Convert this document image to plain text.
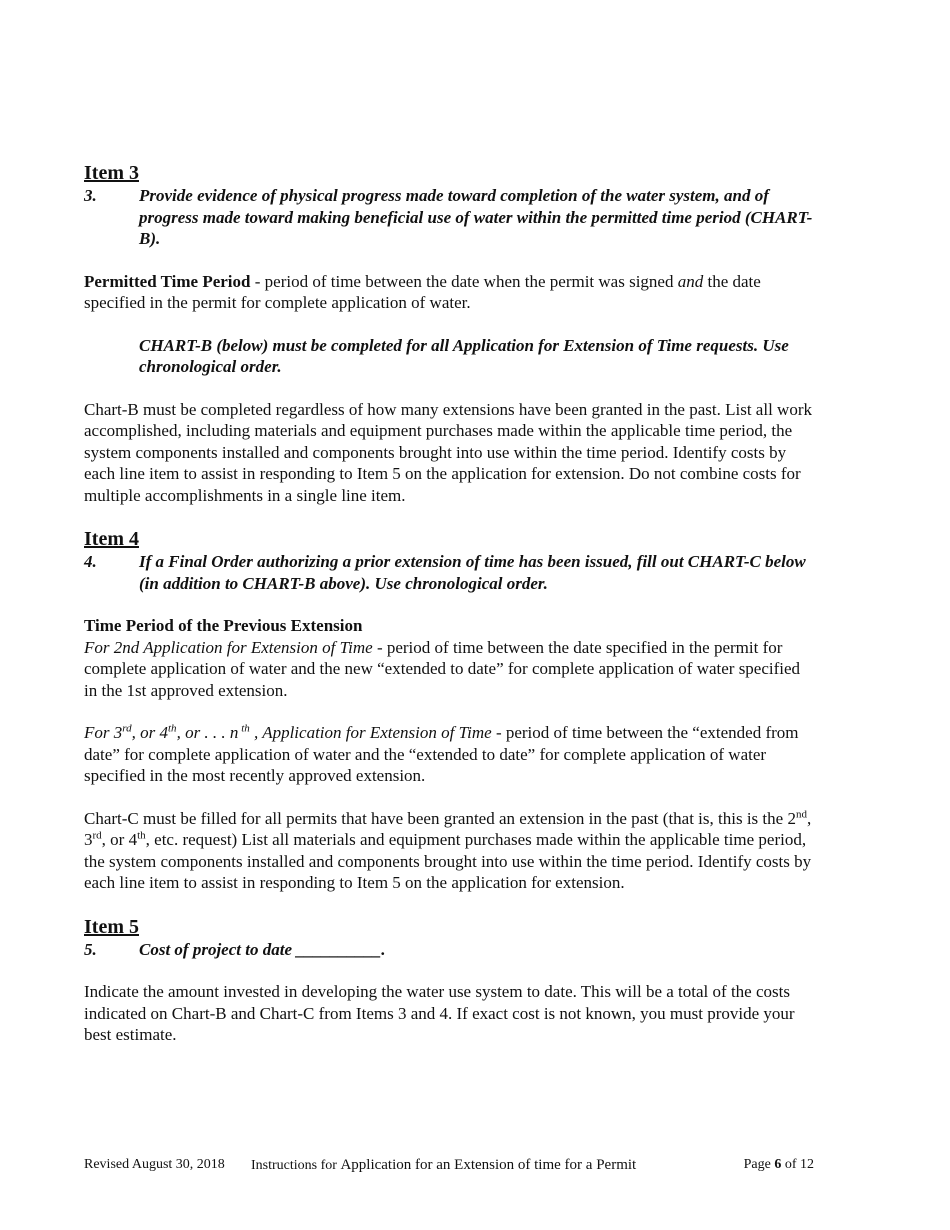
Item 3
3.	Provide evidence of physical progress made toward completion of the water system, and of progress made toward making beneficial use of water within the permitted time period (CHART-B).

Permitted Time Period - period of time between the date when the permit was signed and the date specified in the permit for complete application of water.

CHART-B (below) must be completed for all Application for Extension of Time requests. Use chronological order.

Chart-B must be completed regardless of how many extensions have been granted in the past. List all work accomplished, including materials and equipment purchases made within the applicable time period, the system components installed and components brought into use within the time period. Identify costs by each line item to assist in responding to Item 5 on the application for extension. Do not combine costs for multiple accomplishments in a single line item.

Item 4
4.	If a Final Order authorizing a prior extension of time has been issued, fill out CHART-C below (in addition to CHART-B above). Use chronological order.

Time Period of the Previous Extension

For 2nd Application for Extension of Time - period of time between the date specified in the permit for complete application of water and the new “extended to date” for complete application of water specified in the 1st approved extension.

For 3rd, or 4th, or . . . n $^{th}$ , Application for Extension of Time - period of time between the “extended from date” for complete application of water and the “extended to date” for complete application of water specified in the most recently approved extension.

Chart-C must be filled for all permits that have been granted an extension in the past (that is, this is the 2nd, 3rd, or 4th, etc. request) List all materials and equipment purchases made within the applicable time period, the system components installed and components brought into use within the time period. Identify costs by each line item to assist in responding to Item 5 on the application for extension.

Item 5
5.	Cost of project to date __________.

Indicate the amount invested in developing the water use system to date. This will be a total of the costs indicated on Chart-B and Chart-C from Items 3 and 4. If exact cost is not known, you must provide your best estimate.

Revised August 30, 2018	Instructions for Application for an Extension of time for a Permit	Page 6 of 12
